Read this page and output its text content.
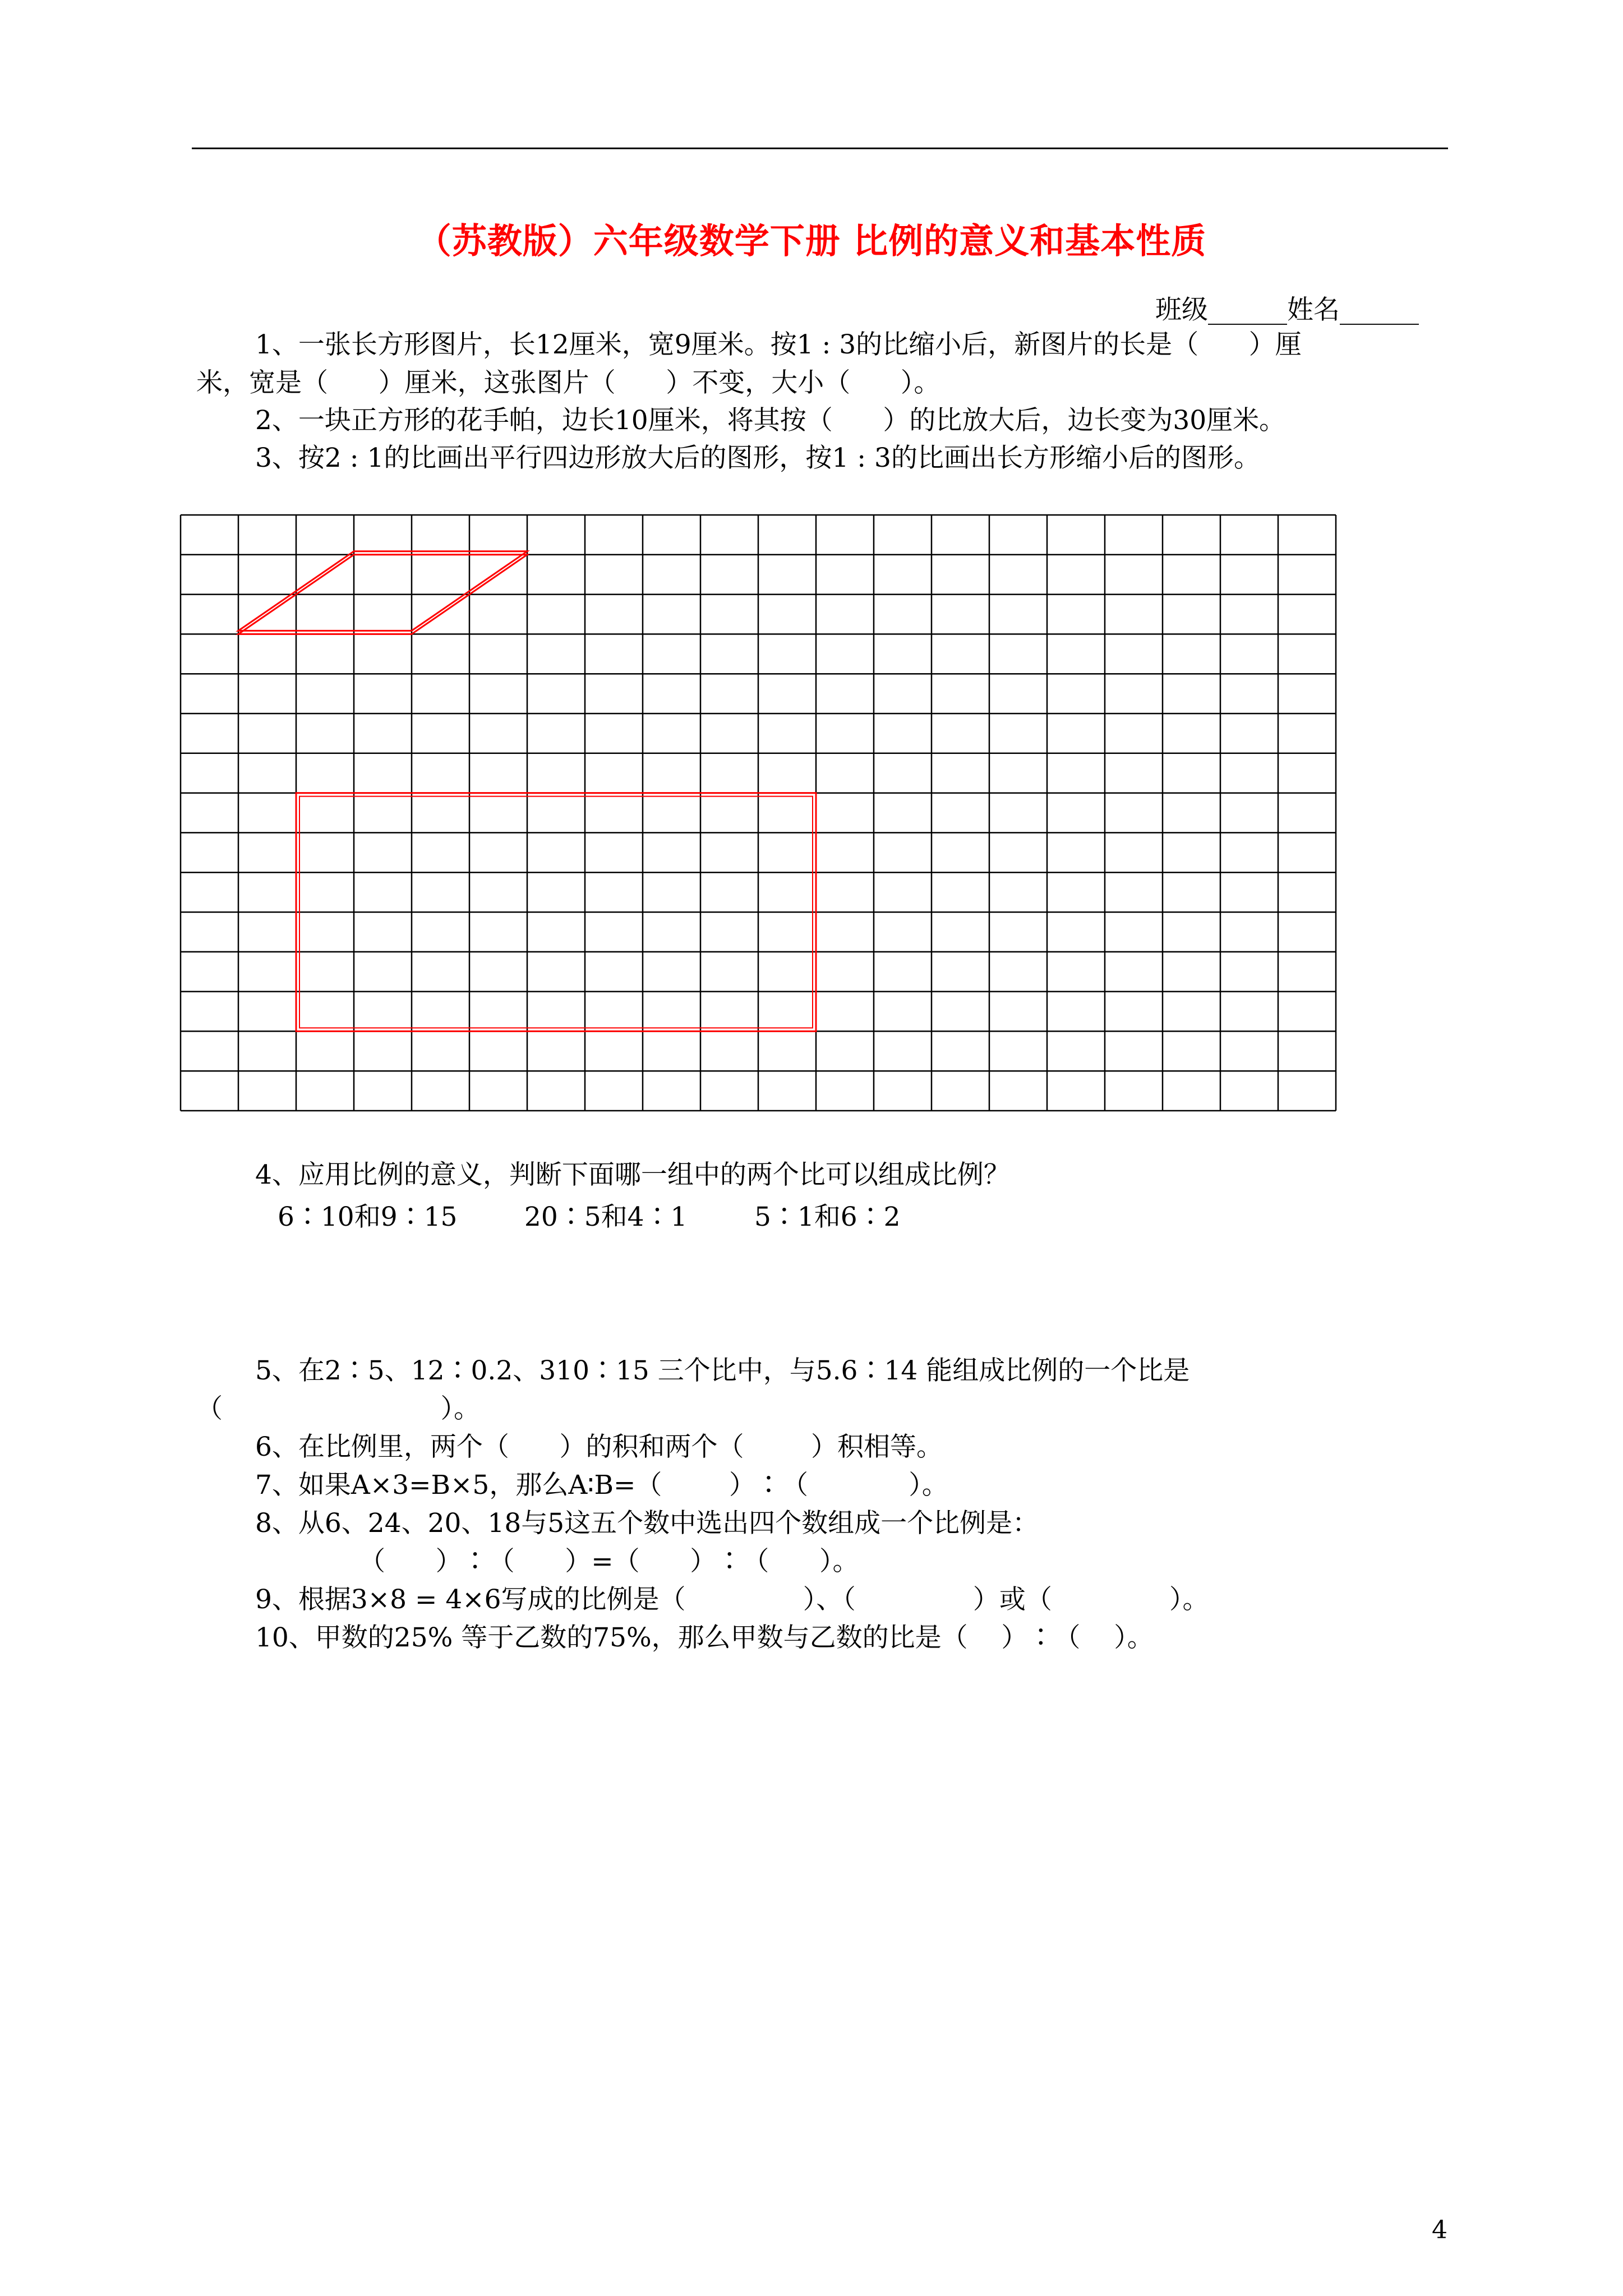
（苏教版）六年级数学下册 比例的意义和基本性质
班级______姓名______
1、一张长方形图片，长12厘米，宽9厘米。按1 : 3的比缩小后，新图片的长是（      ）厘
米，宽是（      ）厘米，这张图片（      ）不变，大小（      ）。
2、一块正方形的花手帕，边长10厘米，将其按（      ）的比放大后，边长变为30厘米。
3、按2 : 1的比画出平行四边形放大后的图形，按1 : 3的比画出长方形缩小后的图形。
4、应用比例的意义，判断下面哪一组中的两个比可以组成比例？
6∶10和9∶15        20∶5和4∶1        5∶1和6∶2
5、在2∶5、12∶0.2、310∶15 三个比中，与5.6∶14 能组成比例的一个比是
（                          ）。
6、在比例里，两个（      ）的积和两个（        ）积相等。
7、如果A×3=B×5，那么A∶B=（        ）∶（            ）。
8、从6、24、20、18与5这五个数中选出四个数组成一个比例是：
（      ）∶（      ）=（      ）∶（      ）。
9、根据3×8 = 4×6写成的比例是（              ）、（              ）或（              ）。
10、甲数的25% 等于乙数的75%，那么甲数与乙数的比是（    ）∶（    ）。
4
